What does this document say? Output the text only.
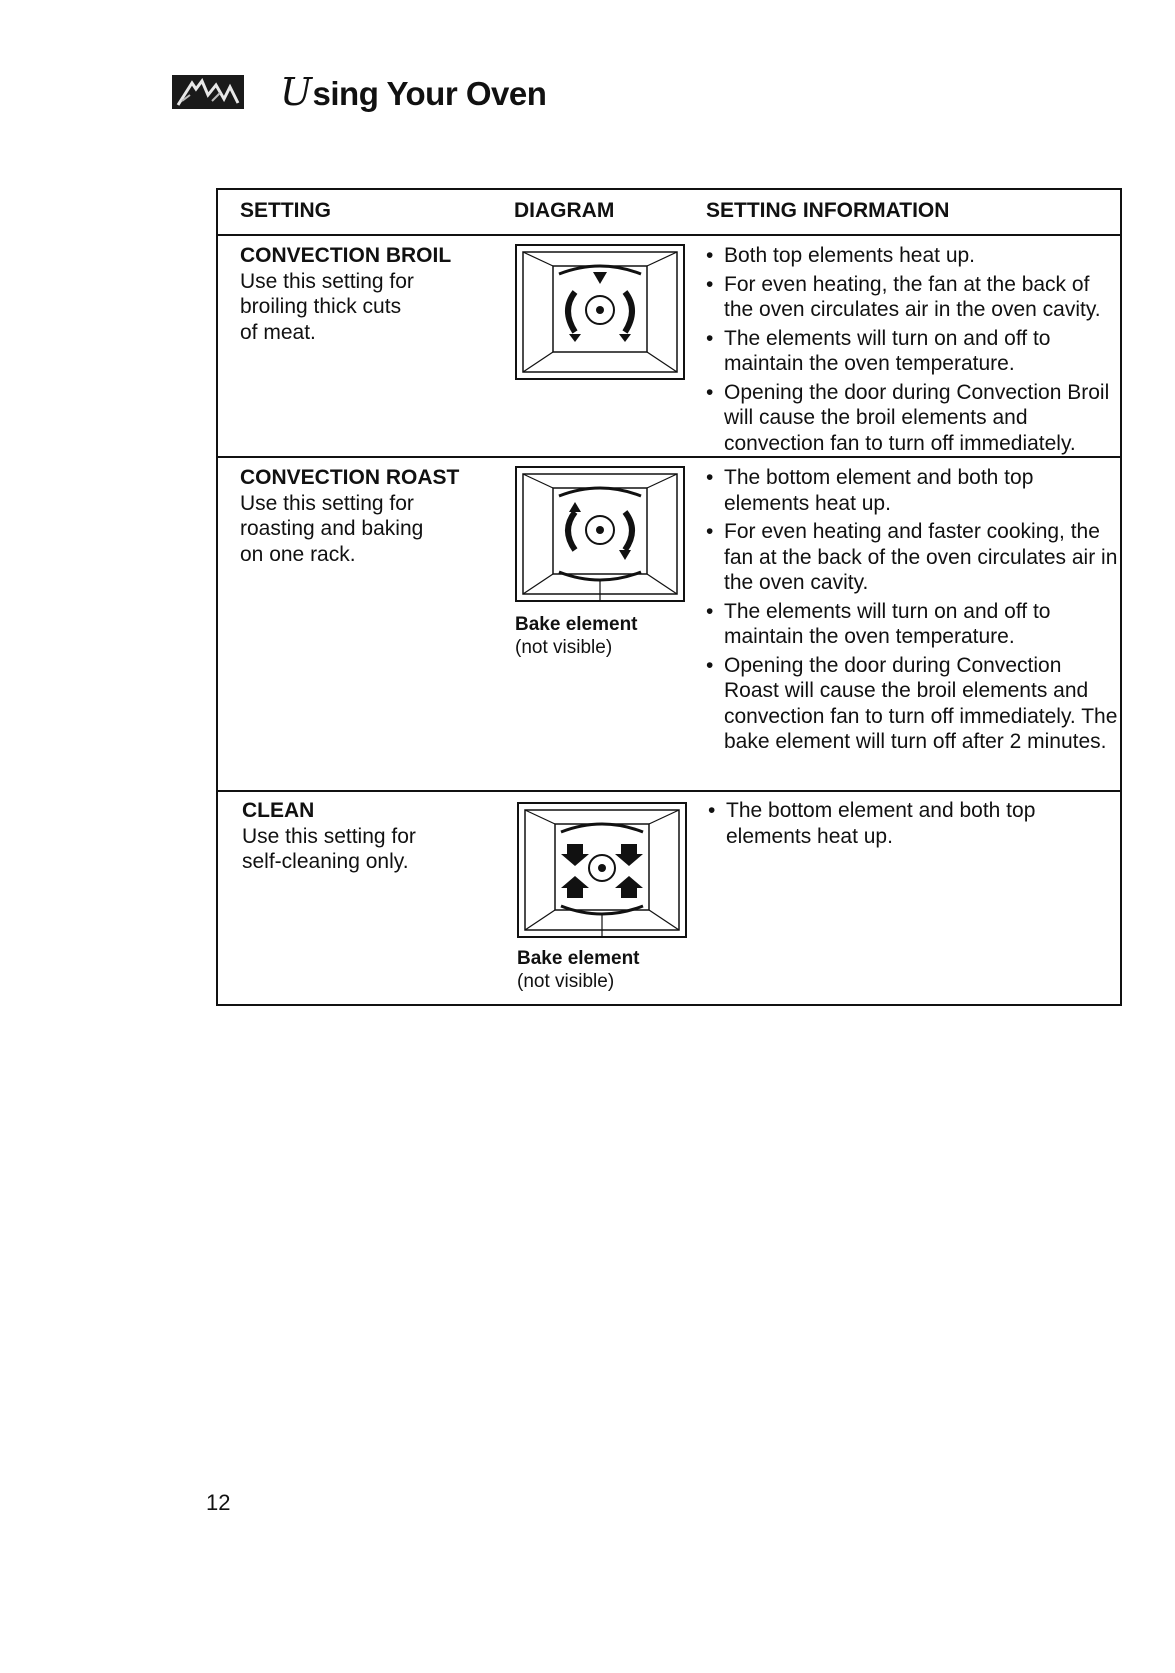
Using Your Oven
SETTING	DIAGRAM	SETTING INFORMATION
CONVECTION BROIL
Use this setting for
broiling thick cuts
of meat.
• Both top elements heat up.
• For even heating, the fan at the back of the oven circulates air in the oven cavity.
• The elements will turn on and off to maintain the oven temperature.
• Opening the door during Convection Broil will cause the broil elements and convection fan to turn off immediately.
CONVECTION ROAST
Use this setting for
roasting and baking
on one rack.
Bake element
(not visible)
• The bottom element and both top elements heat up.
• For even heating and faster cooking, the fan at the back of the oven circulates air in the oven cavity.
• The elements will turn on and off to maintain the oven temperature.
• Opening the door during Convection Roast will cause the broil elements and convection fan to turn off immediately. The bake element will turn off after 2 minutes.
CLEAN
Use this setting for
self-cleaning only.
Bake element
(not visible)
• The bottom element and both top elements heat up.
12
